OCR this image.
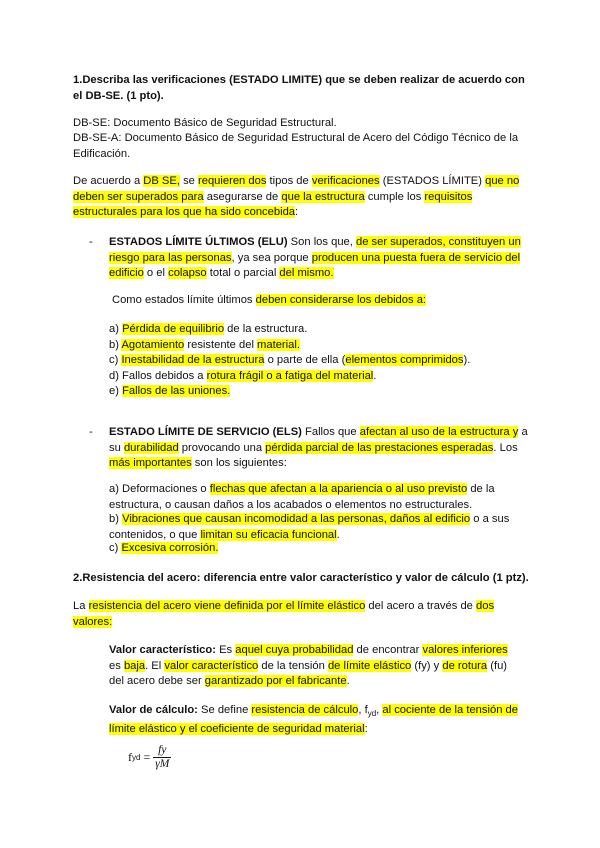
1.Describa las verificaciones (ESTADO LIMITE) que se deben realizar de acuerdo con el DB-SE. (1 pto).

DB-SE: Documento Básico de Seguridad Estructural.

DB-SE-A: Documento Básico de Seguridad Estructural de Acero del Código Técnico de la Edificación.

De acuerdo a DB SE, se requieren dos tipos de verificaciones (ESTADOS LÍMITE) que no deben ser superados para asegurarse de que la estructura cumple los requisitos estructurales para los que ha sido concebida:

- ESTADOS LÍMITE ÚLTIMOS (ELU) Son los que, de ser superados, constituyen un riesgo para las personas, ya sea porque producen una puesta fuera de servicio del edificio o el colapso total o parcial del mismo.

Como estados límite últimos deben considerarse los debidos a:

a) Pérdida de equilibrio de la estructura.

b) Agotamiento resistente del material.

c) Inestabilidad de la estructura o parte de ella (elementos comprimidos).

d) Fallos debidos a rotura frágil o a fatiga del material.

e) Fallos de las uniones.

- ESTADO LÍMITE DE SERVICIO (ELS) Fallos que afectan al uso de la estructura y a su durabilidad provocando una pérdida parcial de las prestaciones esperadas. Los más importantes son los siguientes:

a) Deformaciones o flechas que afectan a la apariencia o al uso previsto de la estructura, o causan daños a los acabados o elementos no estructurales.

b) Vibraciones que causan incomodidad a las personas, daños al edificio o a sus contenidos, o que limitan su eficacia funcional.

c) Excesiva corrosión.

2.Resistencia del acero: diferencia entre valor característico y valor de cálculo (1 ptz).

La resistencia del acero viene definida por el límite elástico del acero a través de dos valores:

Valor característico: Es aquel cuya probabilidad de encontrar valores inferiores es baja. El valor característico de la tensión de límite elástico (fy) y de rotura (fu) del acero debe ser garantizado por el fabricante.

Valor de cálculo: Se define resistencia de cálculo, $f_{yd}$, al cociente de la tensión de límite elástico y el coeficiente de seguridad material:

f yd = $\frac{fy}{\gamma M}$
